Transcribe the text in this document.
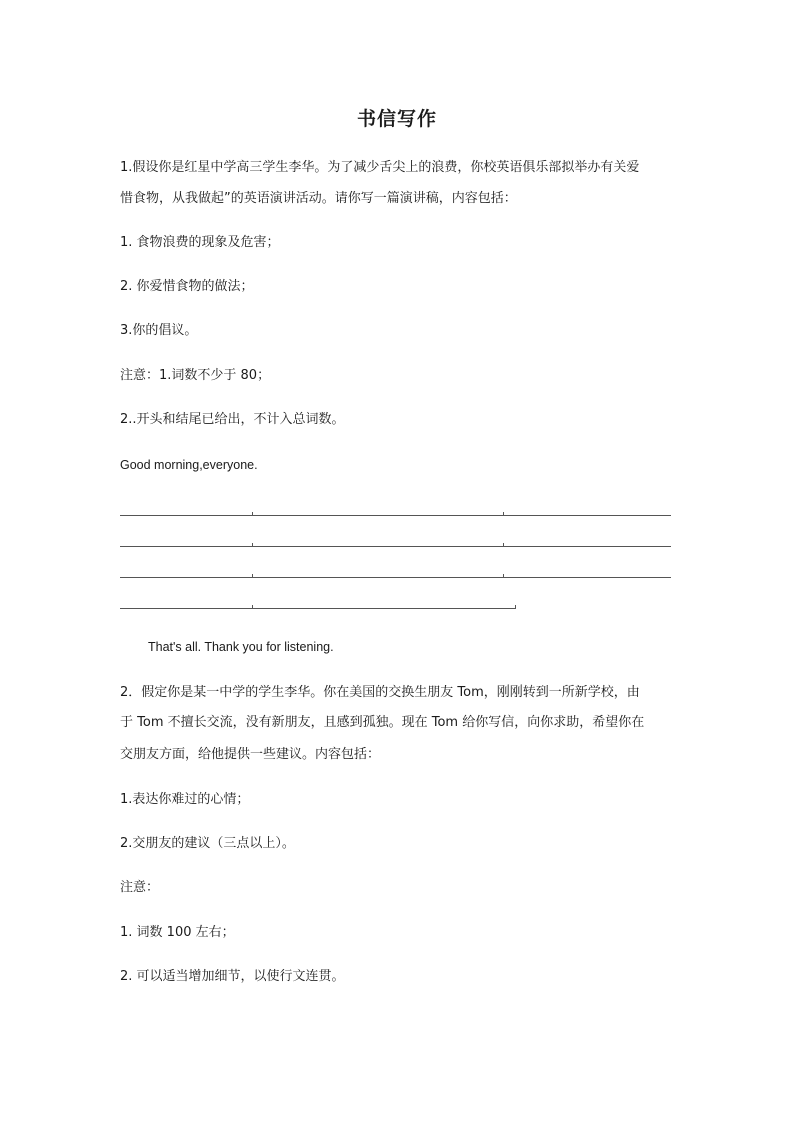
书信写作
1.假设你是红星中学高三学生李华。为了减少舌尖上的浪费，你校英语俱乐部拟举办有关爱
惜食物，从我做起”的英语演讲活动。请你写一篇演讲稿，内容包括：
1. 食物浪费的现象及危害；
2. 你爱惜食物的做法；
3.你的倡议。
注意：1.词数不少于 80；
2..开头和结尾已给出，不计入总词数。
Good morning,everyone.
That's all. Thank you for listening.
2．假定你是某一中学的学生李华。你在美国的交换生朋友 Tom，刚刚转到一所新学校，由
于 Tom 不擅长交流，没有新朋友，且感到孤独。现在 Tom 给你写信，向你求助，希望你在
交朋友方面，给他提供一些建议。内容包括：
1.表达你难过的心情；
2.交朋友的建议（三点以上）。
注意：
1. 词数 100 左右；
2. 可以适当增加细节，以使行文连贯。
